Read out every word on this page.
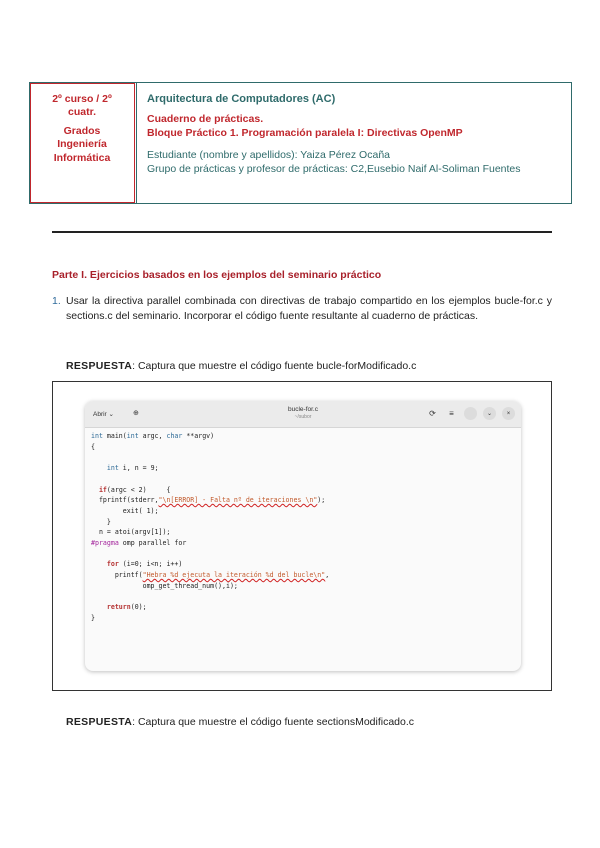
2º curso / 2º
cuatr.
Grados
Ingeniería
Informática
Arquitectura de Computadores (AC)
Cuaderno de prácticas.
Bloque Práctico 1. Programación paralela I: Directivas OpenMP
Estudiante (nombre y apellidos): Yaiza Pérez Ocaña
Grupo de prácticas y profesor de prácticas: C2,Eusebio Naif Al-Soliman Fuentes
Parte I. Ejercicios basados en los ejemplos del seminario práctico
1. Usar la directiva parallel combinada con directivas de trabajo compartido en los ejemplos bucle-for.c y sections.c del seminario. Incorporar el código fuente resultante al cuaderno de prácticas.
RESPUESTA: Captura que muestre el código fuente bucle-forModificado.c
Abrir ⌄	⊕
bucle-for.c
~/subor	⟳	≡	⌄	×
int main(int argc, char **argv)
{

int i, n = 9;

if(argc < 2)     {
fprintf(stderr,"\n[ERROR] - Falta nº de iteraciones \n");
exit( 1);
}
n = atoi(argv[1]);
#pragma omp parallel for

for (i=0; i<n; i++)
printf("Hebra %d ejecuta la iteración %d del bucle\n",
omp_get_thread_num(),i);

return(0);
}
RESPUESTA: Captura que muestre el código fuente sectionsModificado.c
